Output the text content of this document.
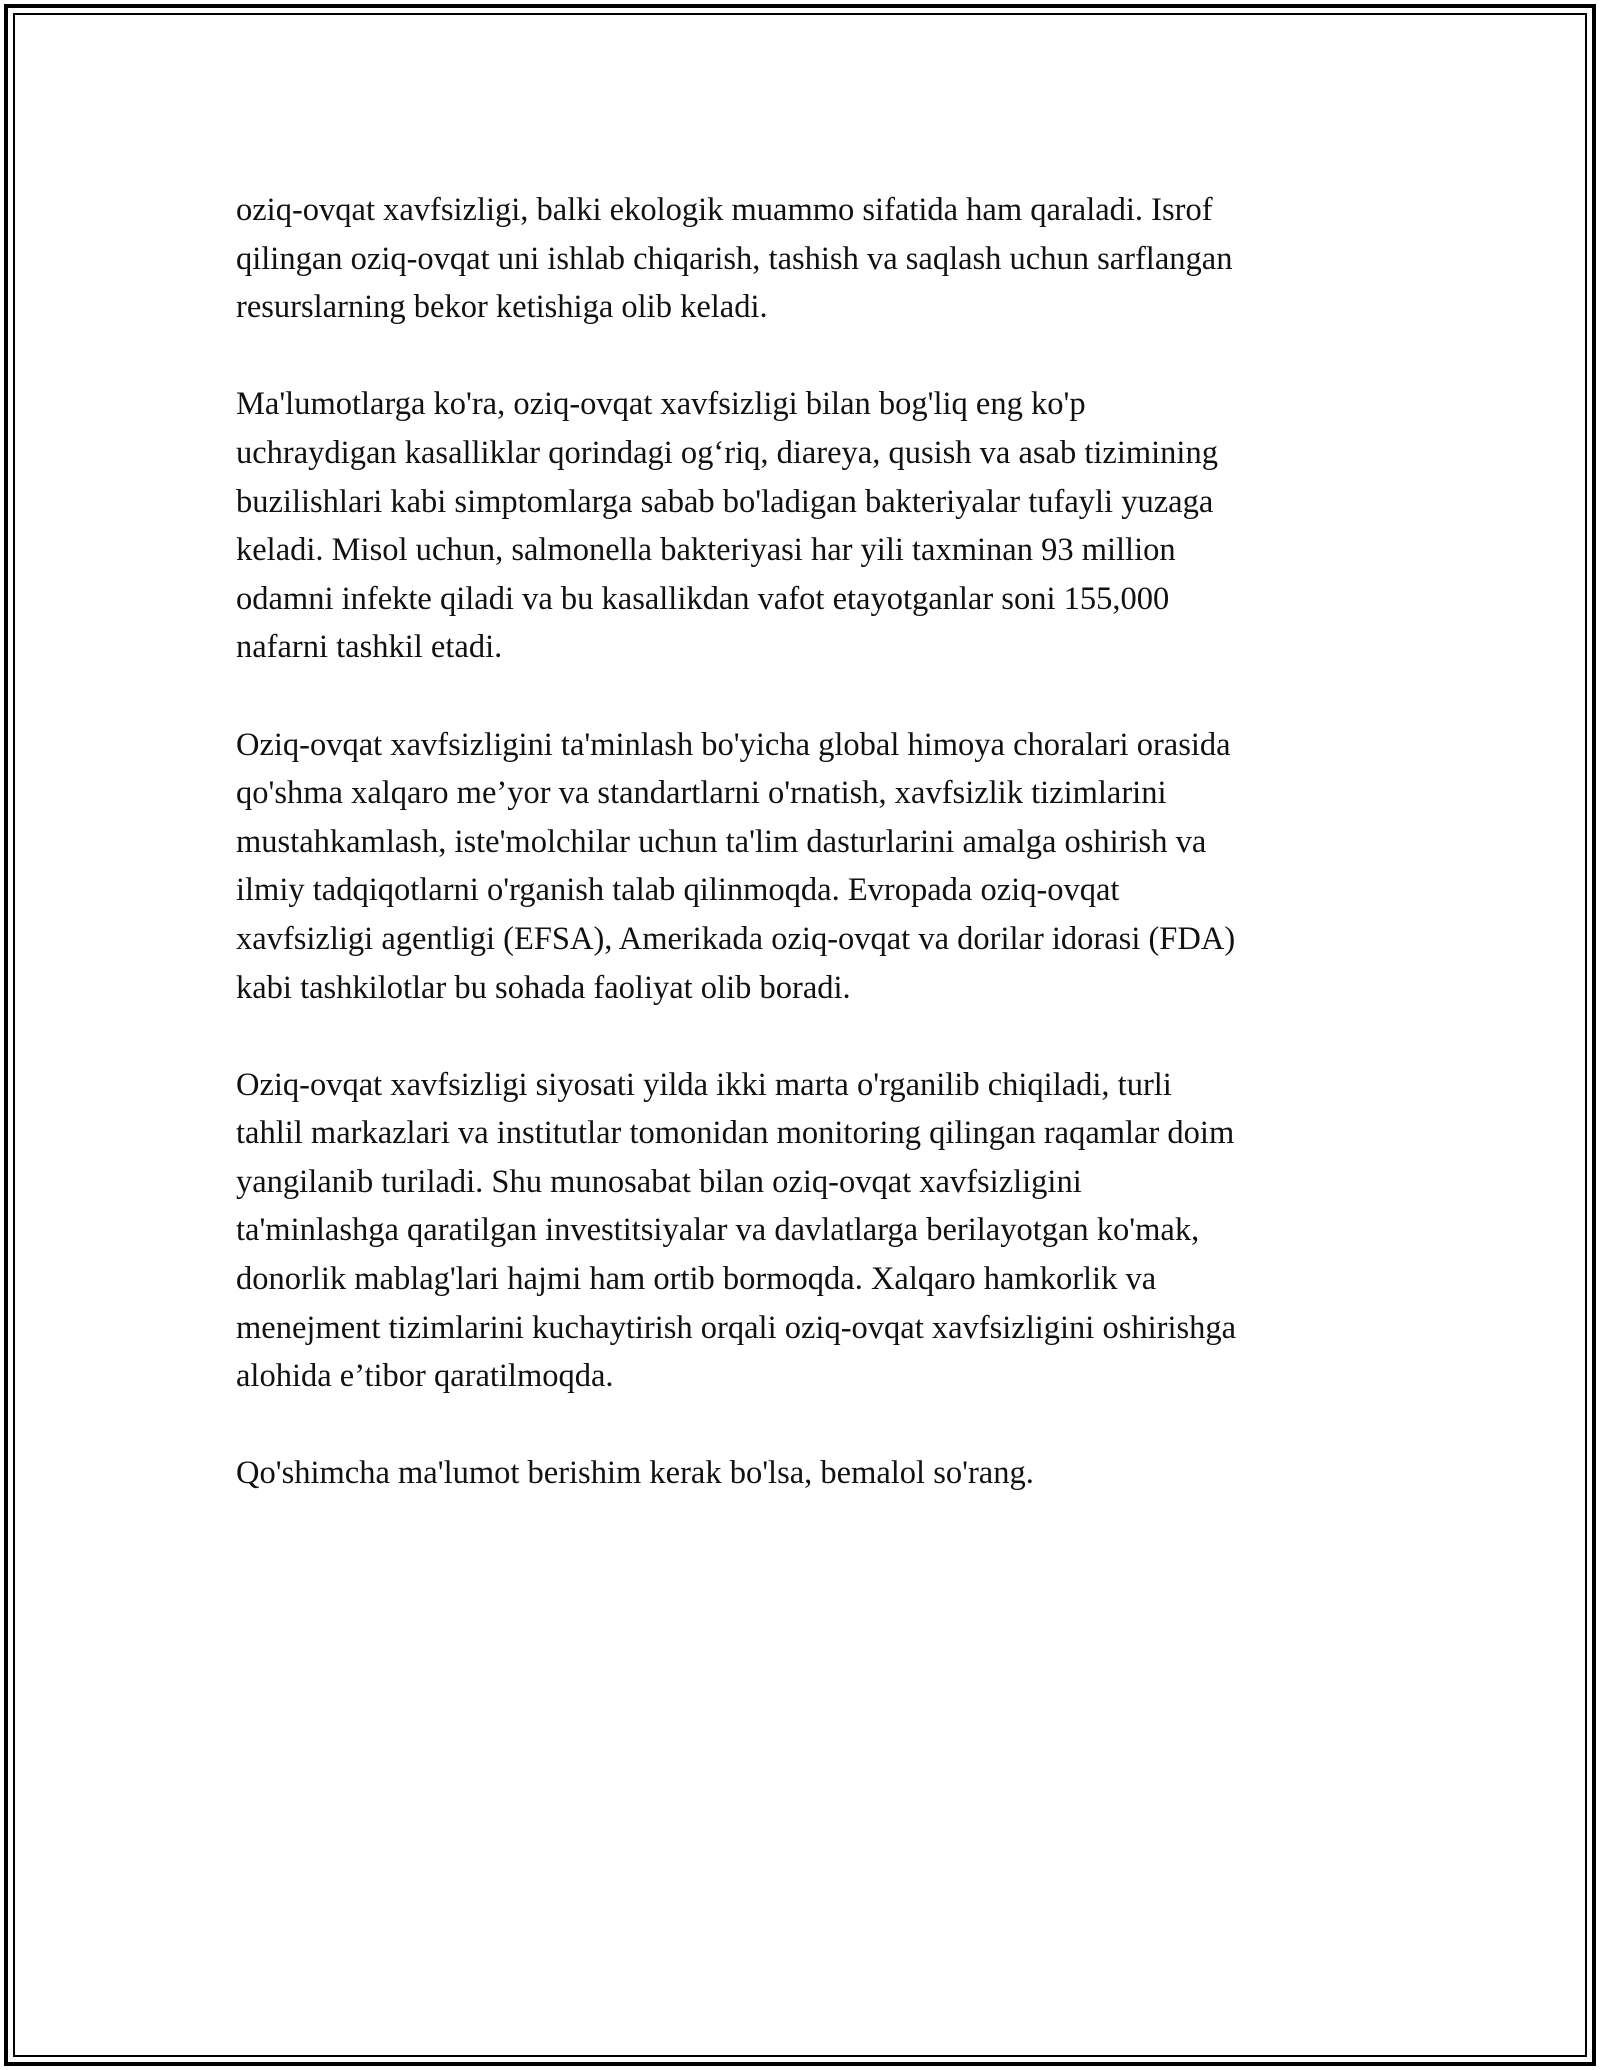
oziq-ovqat xavfsizligi, balki ekologik muammo sifatida ham qaraladi. Isrof
qilingan oziq-ovqat uni ishlab chiqarish, tashish va saqlash uchun sarflangan
resurslarning bekor ketishiga olib keladi.

Ma'lumotlarga ko'ra, oziq-ovqat xavfsizligi bilan bog'liq eng ko'p
uchraydigan kasalliklar qorindagi og‘riq, diareya, qusish va asab tizimining
buzilishlari kabi simptomlarga sabab bo'ladigan bakteriyalar tufayli yuzaga
keladi. Misol uchun, salmonella bakteriyasi har yili taxminan 93 million
odamni infekte qiladi va bu kasallikdan vafot etayotganlar soni 155,000
nafarni tashkil etadi.

Oziq-ovqat xavfsizligini ta'minlash bo'yicha global himoya choralari orasida
qo'shma xalqaro me’yor va standartlarni o'rnatish, xavfsizlik tizimlarini
mustahkamlash, iste'molchilar uchun ta'lim dasturlarini amalga oshirish va
ilmiy tadqiqotlarni o'rganish talab qilinmoqda. Evropada oziq-ovqat
xavfsizligi agentligi (EFSA), Amerikada oziq-ovqat va dorilar idorasi (FDA)
kabi tashkilotlar bu sohada faoliyat olib boradi.

Oziq-ovqat xavfsizligi siyosati yilda ikki marta o'rganilib chiqiladi, turli
tahlil markazlari va institutlar tomonidan monitoring qilingan raqamlar doim
yangilanib turiladi. Shu munosabat bilan oziq-ovqat xavfsizligini
ta'minlashga qaratilgan investitsiyalar va davlatlarga berilayotgan ko'mak,
donorlik mablag'lari hajmi ham ortib bormoqda. Xalqaro hamkorlik va
menejment tizimlarini kuchaytirish orqali oziq-ovqat xavfsizligini oshirishga
alohida e’tibor qaratilmoqda.

Qo'shimcha ma'lumot berishim kerak bo'lsa, bemalol so'rang.
